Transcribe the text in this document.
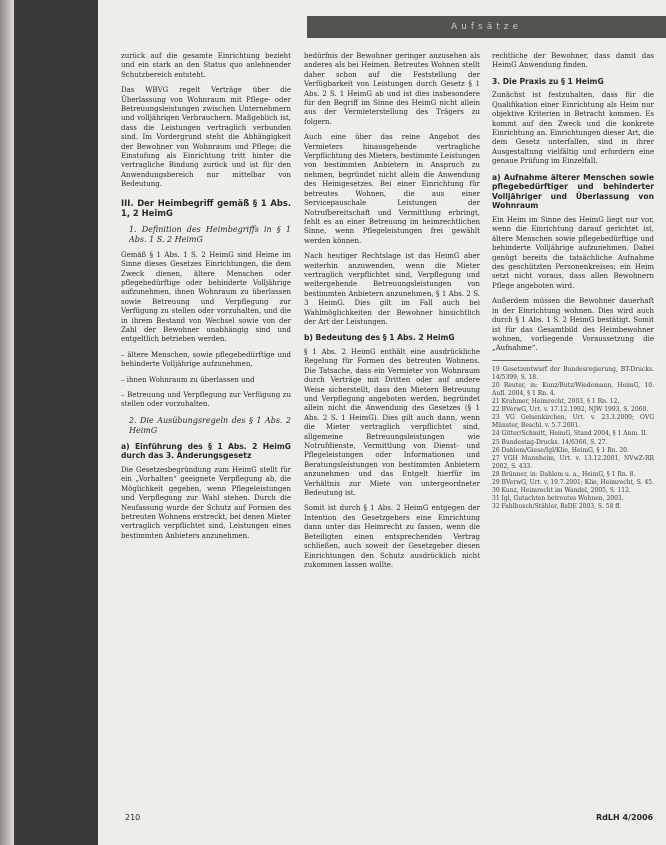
Aufsätze

zurück auf die gesamte Einrichtung bezieht und ein stark an den Status quo anlehnender Schutzbereich entsteht.

Das WBVG regelt Verträge über die Überlassung von Wohnraum mit Pflege- oder Betreuungsleistungen zwischen Unternehmern und volljährigen Verbrauchern. Maßgeblich ist, dass die Leistungen vertraglich verbunden sind. Im Vordergrund steht die Abhängigkeit der Bewohner von Wohnraum und Pflege; die Einstufung als Einrichtung tritt hinter die vertragliche Bindung zurück und ist für den Anwendungsbereich nur mittelbar von Bedeutung.

III. Der Heimbegriff gemäß § 1 Abs. 1, 2 HeimG
1. Definition des Heimbegriffs in § 1 Abs. 1 S. 2 HeimG

Gemäß § 1 Abs. 1 S. 2 HeimG sind Heime im Sinne dieses Gesetzes Einrichtungen, die dem Zweck dienen, ältere Menschen oder pflegebedürftige oder behinderte Volljährige aufzunehmen, ihnen Wohnraum zu überlassen sowie Betreuung und Verpflegung zur Verfügung zu stellen oder vorzuhalten, und die in ihrem Bestand von Wechsel sowie von der Zahl der Bewohner unabhängig sind und entgeltlich betrieben werden.

– ältere Menschen, sowie pflegebedürftige und behinderte Volljährige aufzunehmen,

– ihnen Wohnraum zu überlassen und

– Betreuung und Verpflegung zur Verfügung zu stellen oder vorzuhalten.

2. Die Ausübungsregeln des § 1 Abs. 2 HeimG
a) Einführung des § 1 Abs. 2 HeimG durch das 3. Änderungsgesetz

Die Gesetzesbegründung zum HeimG stellt für ein „Vorhalten“ geeignete Verpflegung ab, die Möglichkeit gegeben, wenn Pflegeleistungen und Verpflegung zur Wahl stehen. Durch die Neufassung wurde der Schutz auf Formen des betreuten Wohnens erstreckt, bei denen Mieter vertraglich verpflichtet sind, Leistungen eines bestimmten Anbieters anzunehmen.

bedürfnis der Bewohner geringer anzusehen als anderes als bei Heimen. Betreutes Wohnen stellt daher schon auf die Feststellung der Verfügbarkeit von Leistungen durch Gesetz § 1 Abs. 2 S. 1 HeimG ab und ist dies insbesondere für den Begriff im Sinne des HeimG nicht allein aus der Vermieterstellung des Trägers zu folgern.

Auch eine über das reine Angebot des Vermieters hinausgehende vertragliche Verpflichtung des Mieters, bestimmte Leistungen von bestimmten Anbietern in Anspruch zu nehmen, begründet nicht allein die Anwendung des Heimgesetzes. Bei einer Einrichtung für betreutes Wohnen, die aus einer Servicepauschale Leistungen der Notrufbereitschaft und Vermittlung erbringt, fehlt es an einer Betreuung im heimrechtlichen Sinne, wenn Pflegeleistungen frei gewählt werden können.

Nach heutiger Rechtslage ist das HeimG aber weiterhin anzuwenden, wenn die Mieter vertraglich verpflichtet sind, Verpflegung und weitergehende Betreuungsleistungen von bestimmten Anbietern anzunehmen, § 1 Abs. 2 S. 3 HeimG. Dies gilt im Fall auch bei Wahlmöglichkeiten der Bewohner hinsichtlich der Art der Leistungen.

b) Bedeutung des § 1 Abs. 2 HeimG

§ 1 Abs. 2 HeimG enthält eine ausdrückliche Regelung für Formen des betreuten Wohnens. Die Tatsache, dass ein Vermieter von Wohnraum durch Verträge mit Dritten oder auf andere Weise sicherstellt, dass den Mietern Betreuung und Verpflegung angeboten werden, begründet allein nicht die Anwendung des Gesetzes (§ 1 Abs. 2 S. 1 HeimG). Dies gilt auch dann, wenn die Mieter vertraglich verpflichtet sind, allgemeine Betreuungsleistungen wie Notrufdienste, Vermittlung von Dienst- und Pflegeleistungen oder Informationen und Beratungsleistungen von bestimmten Anbietern anzunehmen und das Entgelt hierfür im Verhältnis zur Miete von untergeordneter Bedeutung ist.

Somit ist durch § 1 Abs. 2 HeimG entgegen der Intention des Gesetzgebers eine Einrichtung dann unter das Heimrecht zu fassen, wenn die Beteiligten einen entsprechenden Vertrag schließen, auch soweit der Gesetzgeber diesen Einrichtungen den Schutz ausdrücklich nicht zukommen lassen wollte.

rechtliche der Bewohner, dass damit das HeimG Anwendung finden.

3. Die Praxis zu § 1 HeimG

Zunächst ist festzuhalten, dass für die Qualifikation einer Einrichtung als Heim nur objektive Kriterien in Betracht kommen. Es kommt auf den Zweck und die konkrete Einrichtung an. Einrichtungen dieser Art, die dem Gesetz unterfallen, sind in ihrer Ausgestaltung vielfältig und erfordern eine genaue Prüfung im Einzelfall.

a) Aufnahme älterer Menschen sowie pflegebedürftiger und behinderter Volljähriger und Überlassung von Wohnraum

Ein Heim im Sinne des HeimG liegt nur vor, wenn die Einrichtung darauf gerichtet ist, ältere Menschen sowie pflegebedürftige und behinderte Volljährige aufzunehmen. Dabei genügt bereits die tatsächliche Aufnahme des geschützten Personenkreises; ein Heim setzt nicht voraus, dass allen Bewohnern Pflege angeboten wird.

Außerdem müssen die Bewohner dauerhaft in der Einrichtung wohnen. Dies wird auch durch § 1 Abs. 1 S. 2 HeimG bestätigt. Somit ist für das Gesamtbild des Heimbewohner wohnen, vorliegende Voraussetzung die „Aufnahme“.

19 Gesetzentwurf der Bundesregierung, BT-Drucks. 14/5399, S. 18.
20 Reuter, in: Kunz/Butz/Wiedemann, HeimG, 10. Aufl. 2004, § 1 Rn. 4.
21 Krahmer, Heimrecht, 2003, § 1 Rn. 12.
22 BVerwG, Urt. v. 17.12.1992, NJW 1993, S. 2060.
23 VG Gelsenkirchen, Urt. v. 23.3.2000; OVG Münster, Beschl. v. 5.7.2001.
24 Gitter/Schmitt, HeimG, Stand 2004, § 1 Anm. II.
25 Bundestag-Drucks. 14/6366, S. 27.
26 Dahlem/Giese/Igl/Klie, HeimG, § 1 Rn. 20.
27 VGH Mannheim, Urt. v. 13.12.2001, NVwZ-RR 2002, S. 433.
28 Brünner, in: Dahlem u. a., HeimG, § 1 Rn. 8.
29 BVerwG, Urt. v. 19.7.2001; Klie, Heimrecht, S. 45.
30 Kunz, Heimrecht im Wandel, 2005, S. 112.
31 Igl, Gutachten betreutes Wohnen, 2003.
32 Fahlbusch/Stähler, RsDE 2003, S. 58 ff.
210	RdLH 4/2006
